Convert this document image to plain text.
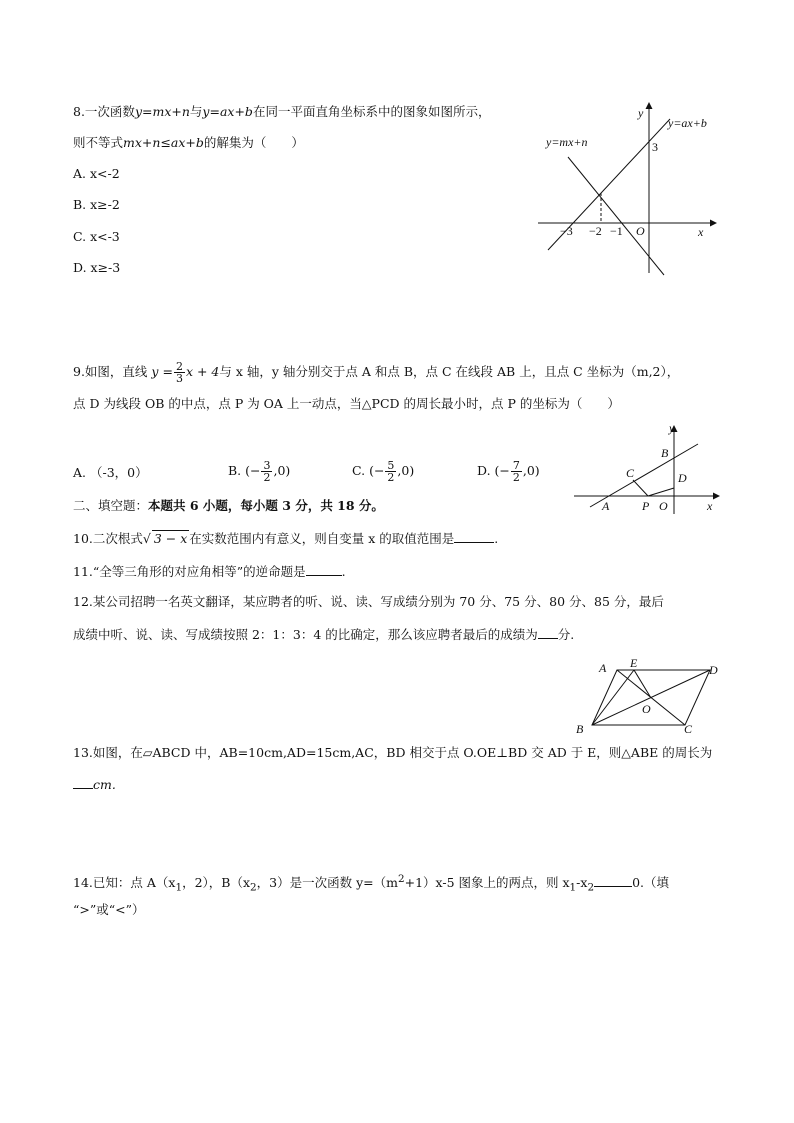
8.一次函数y=mx+n与y=ax+b在同一平面直角坐标系中的图象如图所示，
则不等式mx+n≤ax+b的解集为（　　）
A. x<-2
B. x≥-2
C. x<-3
D. x≥-3
y
x
O
y=mx+n
y=ax+b
3
−3 −2 −1
9.如图，直线 $y = \frac{2}{3}$ x + 4与 x 轴，y 轴分别交于点 A 和点 B，点 C 在线段 AB 上，且点 C 坐标为（m,2），
点 D 为线段 OB 的中点，点 P 为 OA 上一动点，当△PCD 的周长最小时，点 P 的坐标为（　　）
A. （-3，0）	B. (− $\frac{3}{2} ,0$)	C. (− $\frac{5}{2} ,0$)	D. (− $\frac{7}{2} ,0$)
y
x
A
B
C	D
P O
二、填空题：本题共 6 小题，每小题 3 分，共 18 分。
10.二次根式√ 3 − x 在实数范围内有意义，则自变量 x 的取值范围是	.
11.“全等三角形的对应角相等”的逆命题是	.
12.某公司招聘一名英文翻译，某应聘者的听、说、读、写成绩分别为 70 分、75 分、80 分、85 分，最后
成绩中听、说、读、写成绩按照 2：1：3：4 的比确定，那么该应聘者最后的成绩为 分.
A E	D
B	C
O
13.如图，在▱ABCD 中，AB=10cm,AD=15cm,AC，BD 相交于点 O.OE⊥BD 交 AD 于 E，则△ABE 的周长为
cm.
14.已知：点 $A(x_1$，2），$B(x_2$，3）是一次函数 $y=(m^2+1)x-5$ 图象上的两点，则 $x_1-x_2$	0.（填
“>”或“<”）
